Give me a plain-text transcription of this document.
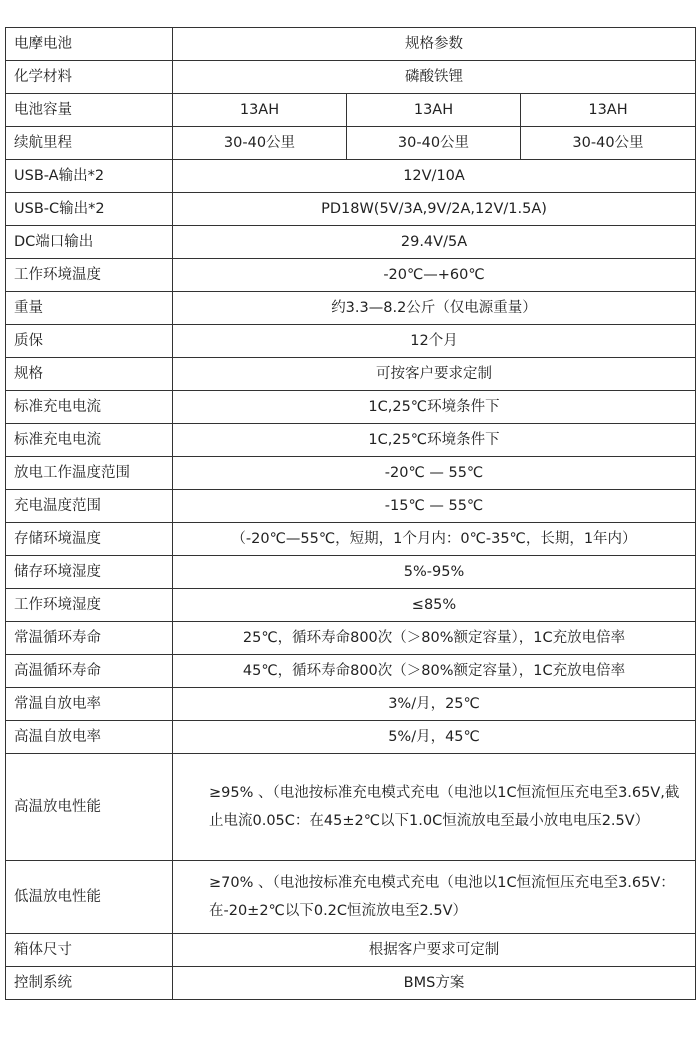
电摩电池	规格参数		
化学材料	磷酸铁锂		
电池容量	13AH	13AH	13AH
续航里程	30-40公里	30-40公里	30-40公里
USB-A输出*2	12V/10A		
USB-C输出*2	PD18W(5V/3A,9V/2A,12V/1.5A)		
DC端口输出	29.4V/5A		
工作环境温度	-20℃—+60℃		
重量	约3.3—8.2公斤（仅电源重量）		
质保	12个月		
规格	可按客户要求定制		
标准充电电流	1C,25℃环境条件下		
标准充电电流	1C,25℃环境条件下		
放电工作温度范围	-20℃ — 55℃		
充电温度范围	-15℃ — 55℃		
存储环境温度	（-20℃—55℃，短期，1个月内：0℃-35℃，长期，1年内）		
储存环境湿度	5%-95%		
工作环境湿度	≤85%		
常温循环寿命	25℃，循环寿命800次（＞80%额定容量），1C充放电倍率		
高温循环寿命	45℃，循环寿命800次（＞80%额定容量），1C充放电倍率		
常温自放电率	3%/月，25℃		
高温自放电率	5%/月，45℃		
高温放电性能	≥95% 、（电池按标准充电模式充电（电池以1C恒流恒压充电至3.65V,截止电流0.05C：在45±2℃以下1.0C恒流放电至最小放电电压2.5V）		
低温放电性能	≥70% 、（电池按标准充电模式充电（电池以1C恒流恒压充电至3.65V：在-20±2℃以下0.2C恒流放电至2.5V）		
箱体尺寸	根据客户要求可定制		
控制系统	BMS方案		
